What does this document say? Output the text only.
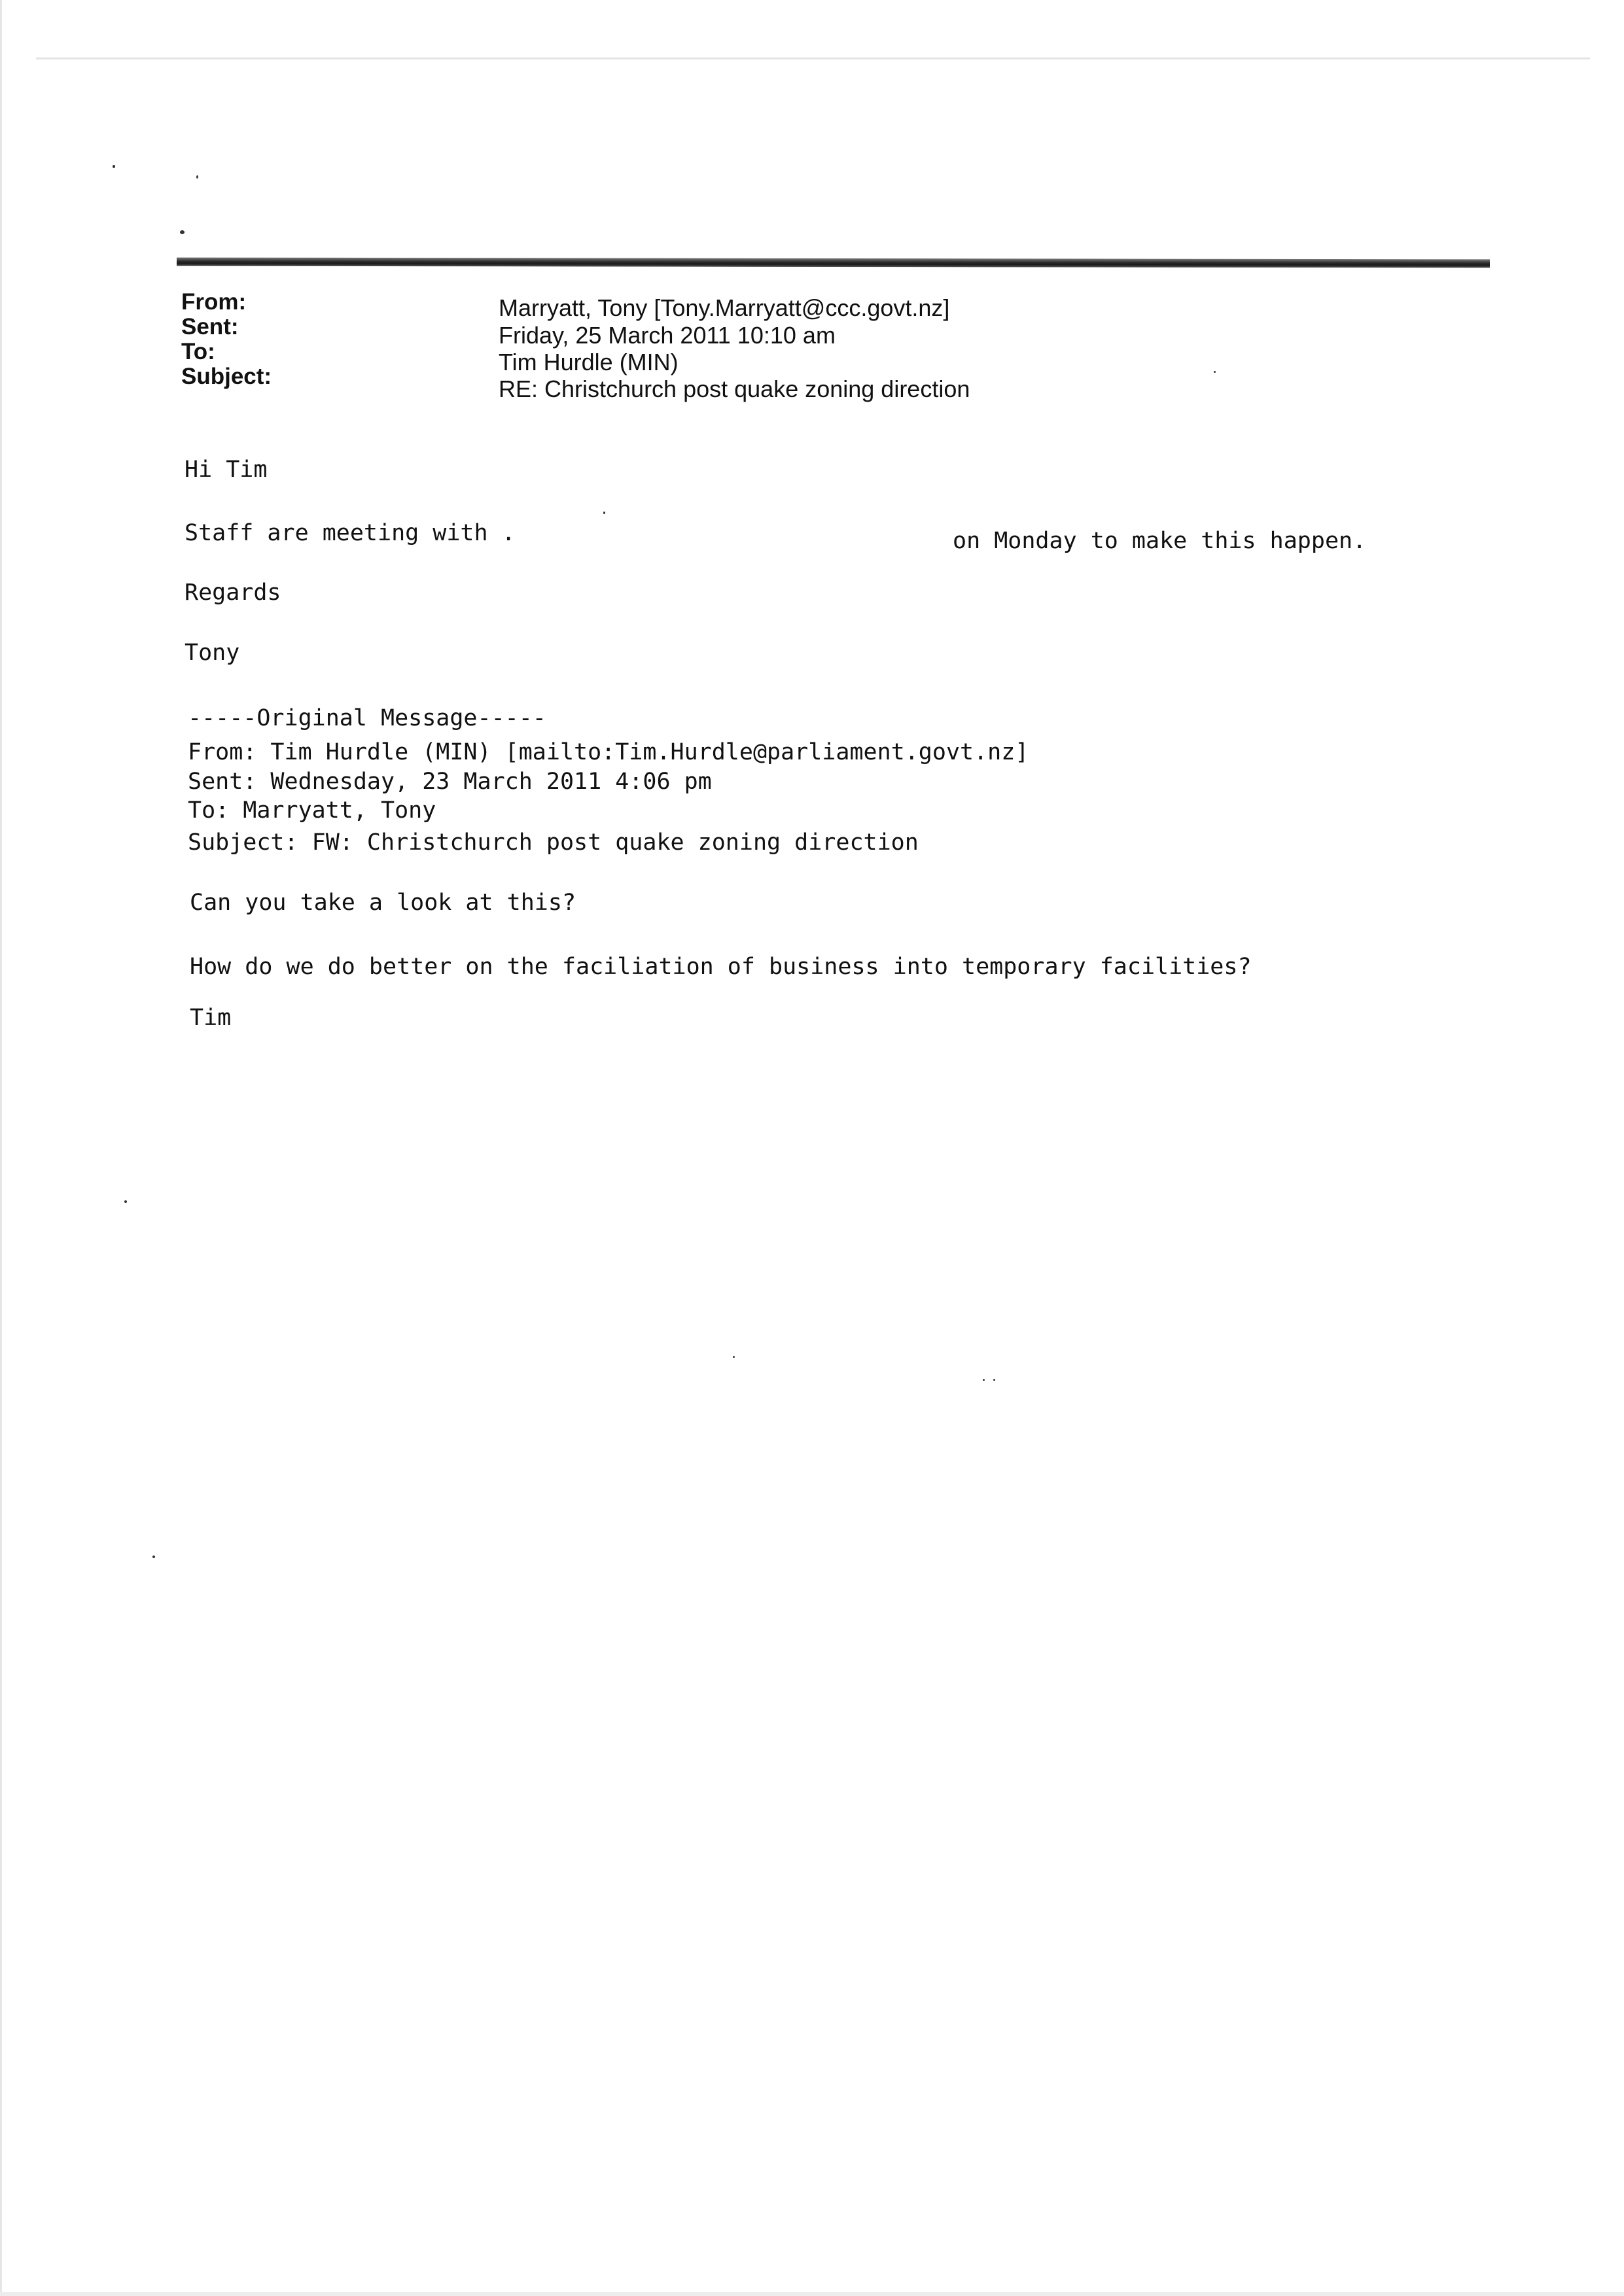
From:
Sent:
To:
Subject:
Marryatt, Tony [Tony.Marryatt@ccc.govt.nz]
Friday, 25 March 2011 10:10 am
Tim Hurdle (MIN)
RE: Christchurch post quake zoning direction
Hi Tim
Staff are meeting with .	on Monday to make this happen.
Regards
Tony
-----Original Message-----
From: Tim Hurdle (MIN) [mailto:Tim.Hurdle@parliament.govt.nz]
Sent: Wednesday, 23 March 2011 4:06 pm
To: Marryatt, Tony
Subject: FW: Christchurch post quake zoning direction
Can you take a look at this?
How do we do better on the faciliation of business into temporary facilities?
Tim
